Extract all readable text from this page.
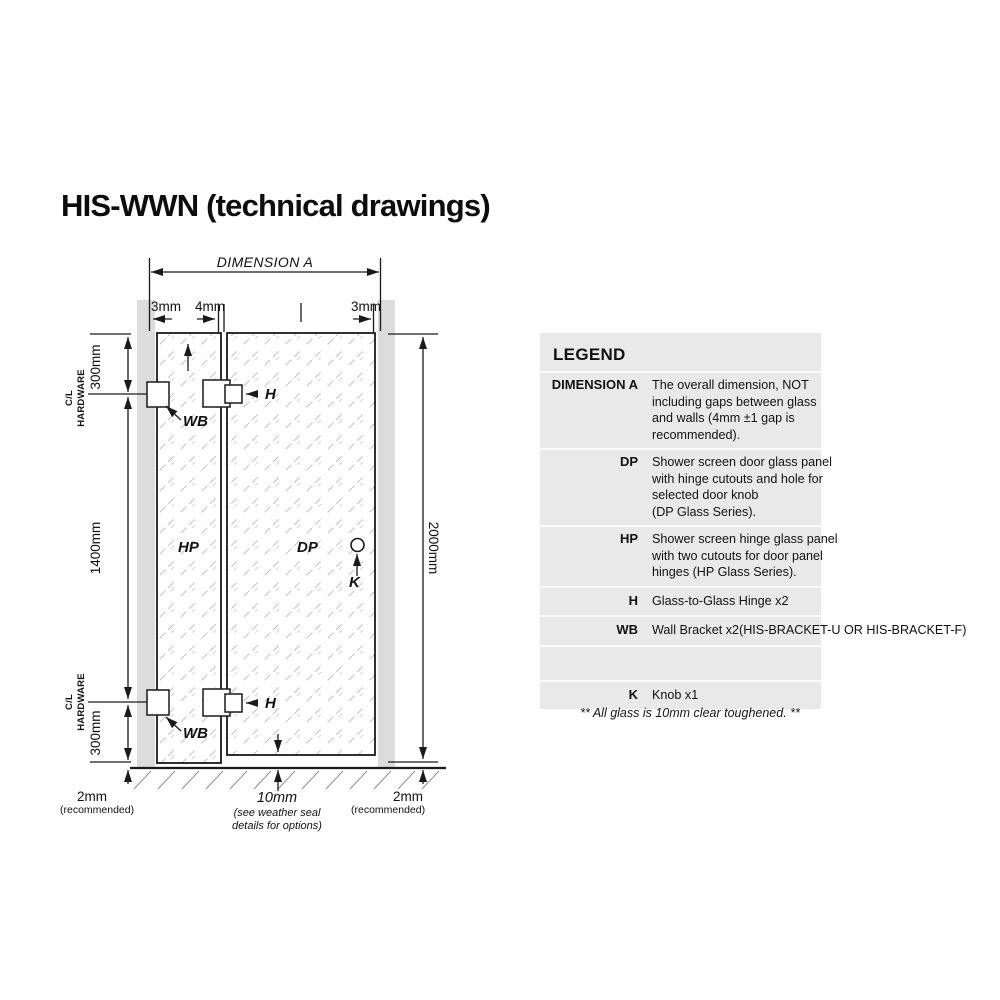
HIS-WWN (technical drawings)
HP	DP
DIMENSION A
3mm 4mm	3mm
300mm
C/L HARDWARE
1400mm
C/L HARDWARE
300mm
2000mm
WB
WB
H
H
K
2mm
(recommended)
10mm
(see weather seal
details for options)
2mm
(recommended)
LEGEND
DIMENSION A	The overall dimension, NOT
including gaps between glass
and walls (4mm ±1 gap is
recommended).
DP	Shower screen door glass panel
with hinge cutouts and hole for
selected door knob
(DP Glass Series).
HP	Shower screen hinge glass panel
with two cutouts for door panel
hinges (HP Glass Series).
H	Glass-to-Glass Hinge x2
WB	Wall Bracket x2(HIS-BRACKET-U OR HIS-BRACKET-F)
K	Knob x1
** All glass is 10mm clear toughened. **
